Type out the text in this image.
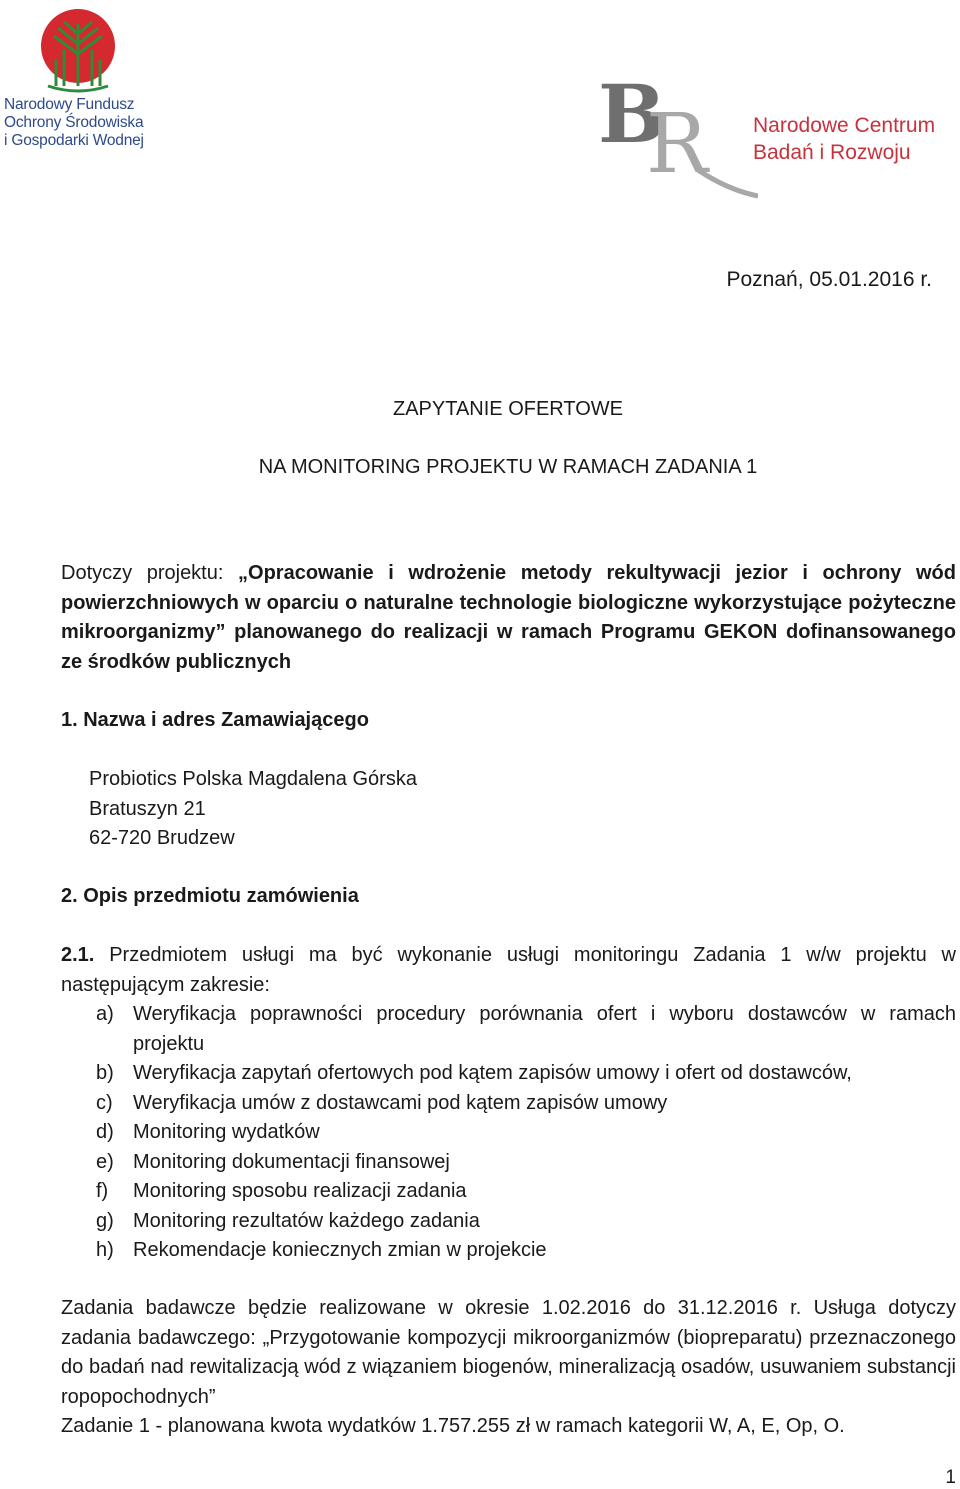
Narodowy Fundusz
Ochrony Środowiska
i Gospodarki Wodnej	B
R Narodowe Centrum
Badań i Rozwoju
Poznań, 05.01.2016 r.
ZAPYTANIE OFERTOWE
NA MONITORING PROJEKTU W RAMACH ZADANIA 1
Dotyczy projektu: „Opracowanie i wdrożenie metody rekultywacji jezior i ochrony wód powierzchniowych w oparciu o naturalne technologie biologiczne wykorzystujące pożyteczne mikroorganizmy” planowanego do realizacji w ramach Programu GEKON dofinansowanego ze środków publicznych
1. Nazwa i adres Zamawiającego
Probiotics Polska Magdalena Górska
Bratuszyn 21
62-720 Brudzew
2. Opis przedmiotu zamówienia
2.1. Przedmiotem usługi ma być wykonanie usługi monitoringu Zadania 1 w/w projektu w następującym zakresie:
a) Weryfikacja poprawności procedury porównania ofert i wyboru dostawców w ramach projektu
b) Weryfikacja zapytań ofertowych pod kątem zapisów umowy i ofert od dostawców,
c) Weryfikacja umów z dostawcami pod kątem zapisów umowy
d) Monitoring wydatków
e) Monitoring dokumentacji finansowej
f) Monitoring sposobu realizacji zadania
g) Monitoring rezultatów każdego zadania
h) Rekomendacje koniecznych zmian w projekcie
Zadania badawcze będzie realizowane w okresie 1.02.2016 do 31.12.2016 r. Usługa dotyczy zadania badawczego: „Przygotowanie kompozycji mikroorganizmów (biopreparatu) przeznaczonego do badań nad rewitalizacją wód z wiązaniem biogenów, mineralizacją osadów, usuwaniem substancji ropopochodnych”
Zadanie 1 - planowana kwota wydatków 1.757.255 zł w ramach kategorii W, A, E, Op, O.
1
